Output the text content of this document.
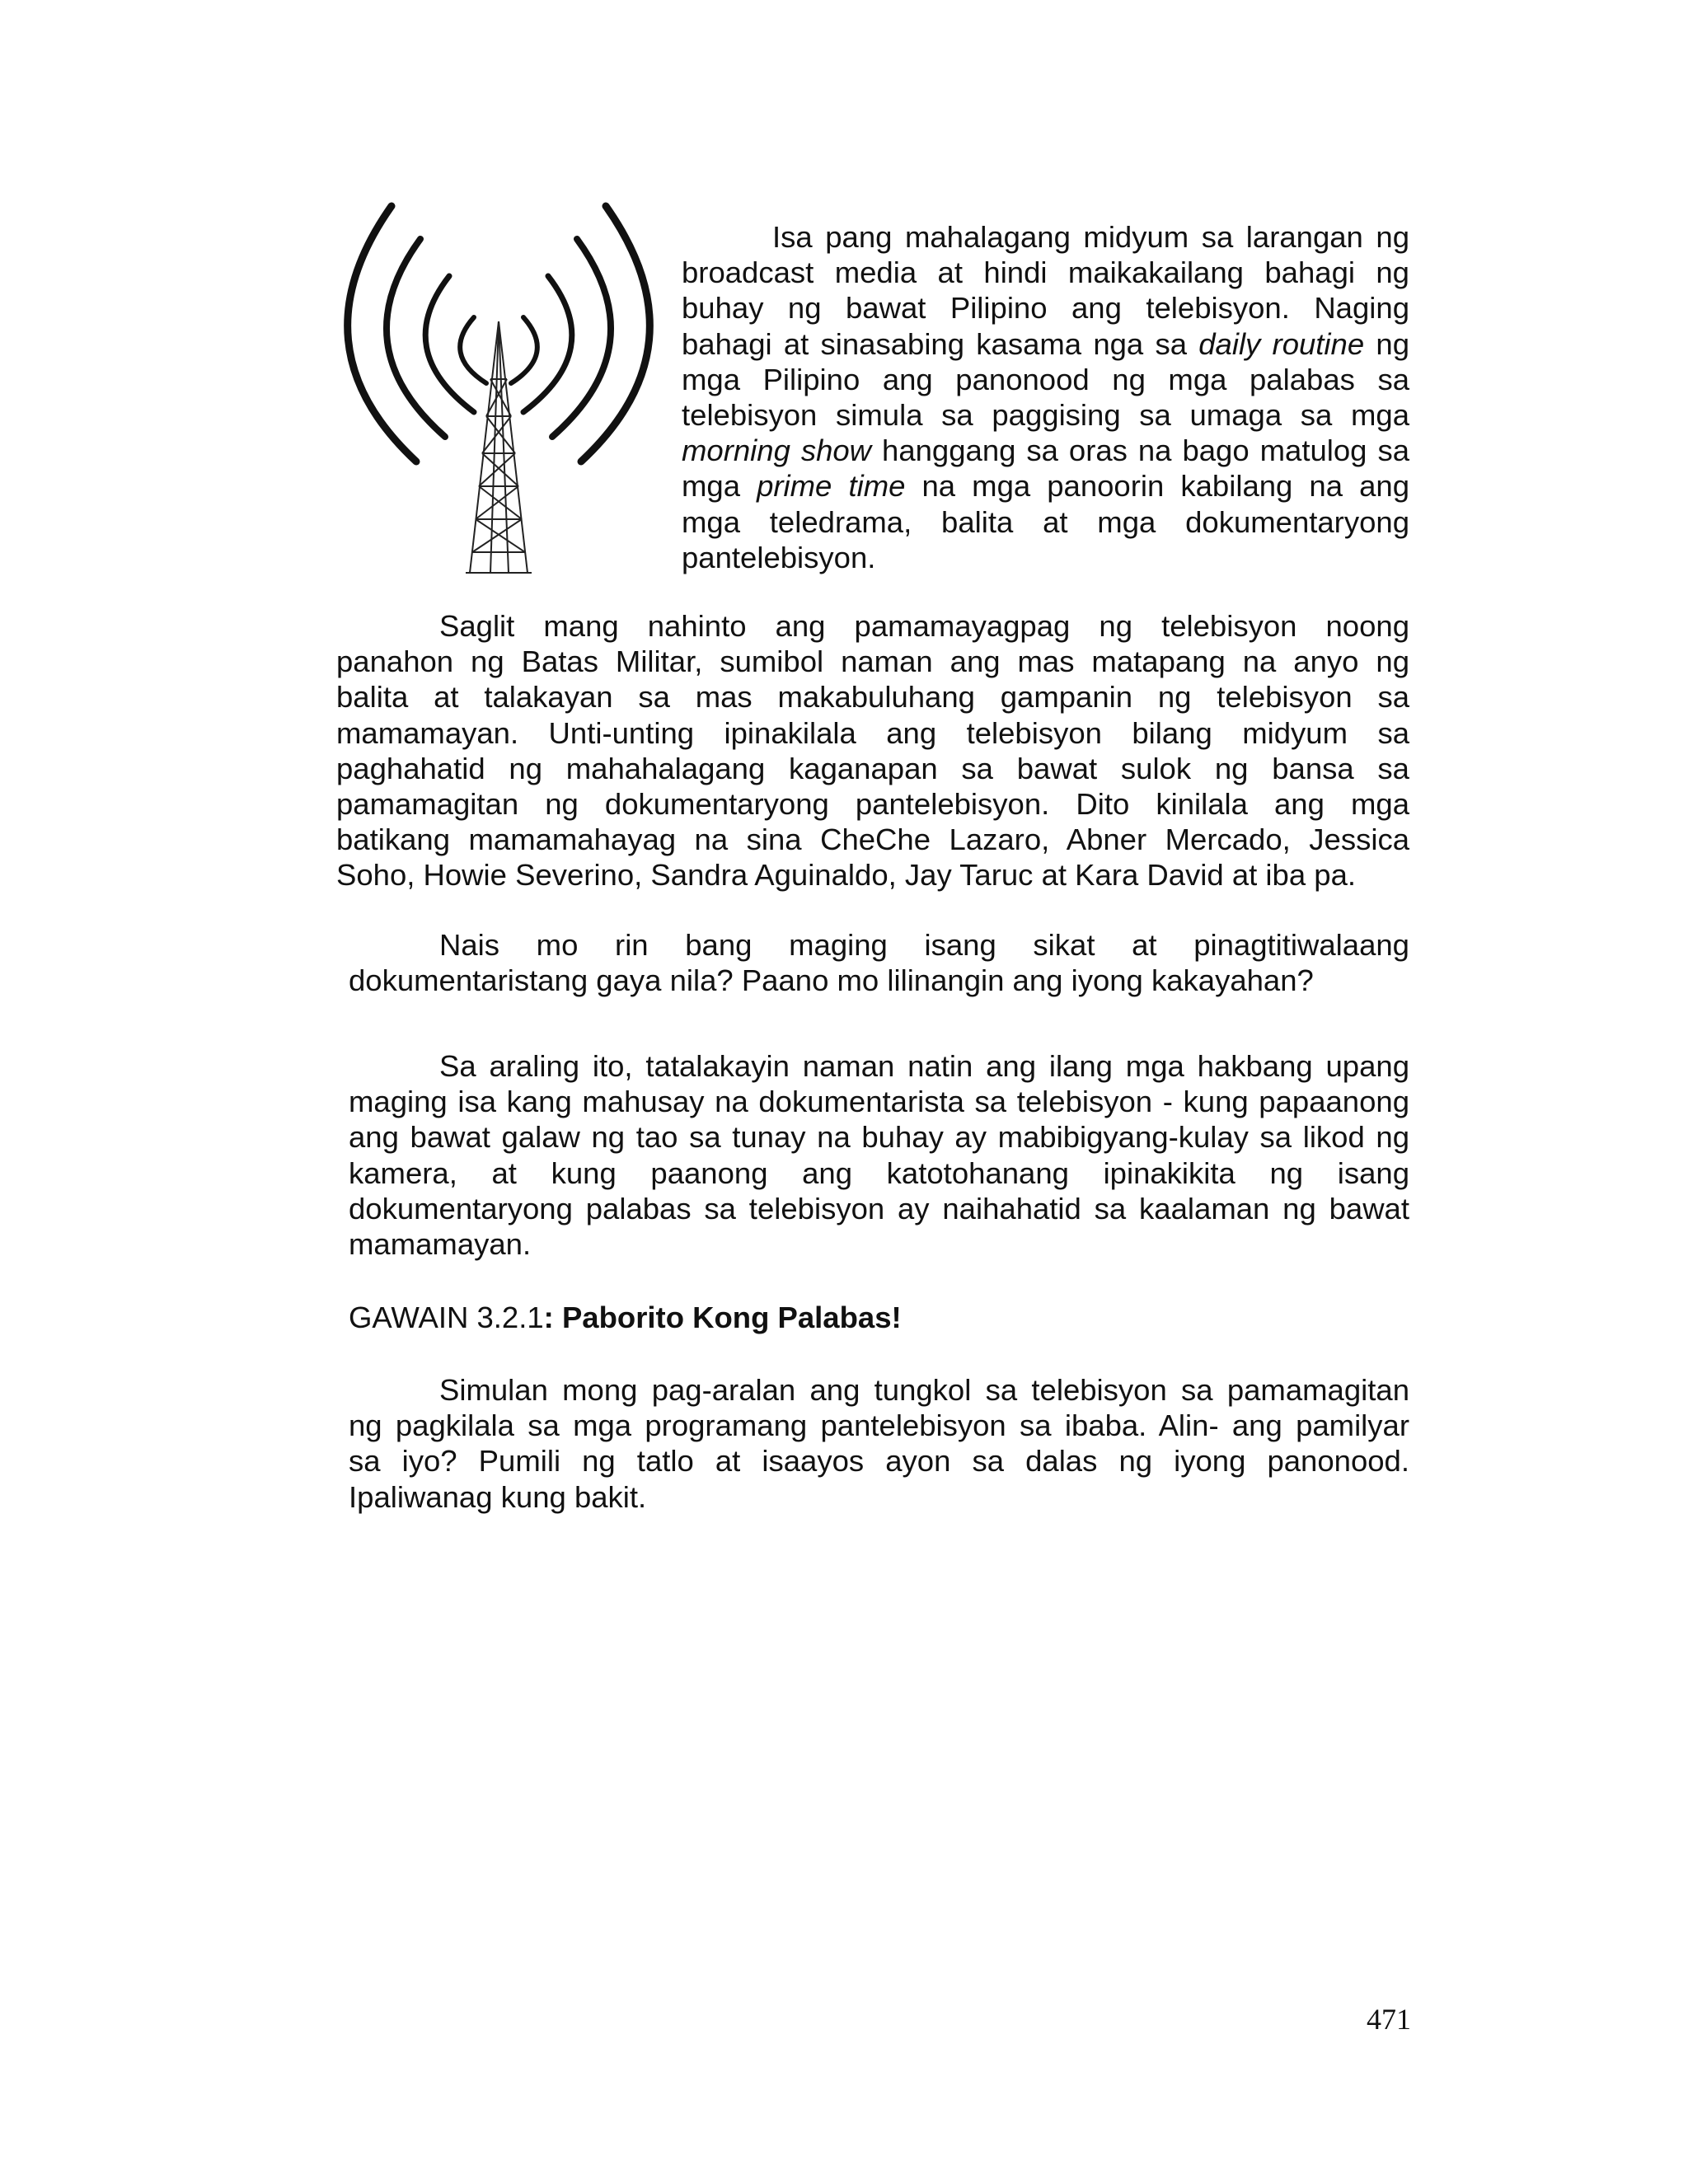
Isa pang mahalagang midyum sa larangan ng
broadcast media at hindi maikakailang bahagi ng
buhay ng bawat Pilipino ang telebisyon. Naging
bahagi at sinasabing kasama nga sa daily routine ng
mga Pilipino ang panonood ng mga palabas sa
telebisyon simula sa paggising sa umaga sa mga
morning show hanggang sa oras na bago matulog sa
mga prime time na mga panoorin kabilang na ang
mga teledrama, balita at mga dokumentaryong
pantelebisyon.

Saglit mang nahinto ang pamamayagpag ng telebisyon noong
panahon ng Batas Militar, sumibol naman ang mas matapang na anyo ng
balita at talakayan sa mas makabuluhang gampanin ng telebisyon sa
mamamayan. Unti-unting ipinakilala ang telebisyon bilang midyum sa
paghahatid ng mahahalagang kaganapan sa bawat sulok ng bansa sa
pamamagitan ng dokumentaryong pantelebisyon. Dito kinilala ang mga
batikang mamamahayag na sina CheChe Lazaro, Abner Mercado, Jessica
Soho, Howie Severino, Sandra Aguinaldo, Jay Taruc at Kara David at iba pa.

Nais mo rin bang maging isang sikat at pinagtitiwalaang
dokumentaristang gaya nila? Paano mo lilinangin ang iyong kakayahan?

Sa araling ito, tatalakayin naman natin ang ilang mga hakbang upang
maging isa kang mahusay na dokumentarista sa telebisyon - kung papaanong
ang bawat galaw ng tao sa tunay na buhay ay mabibigyang-kulay sa likod ng
kamera, at kung paanong ang katotohanang ipinakikita ng isang
dokumentaryong palabas sa telebisyon ay naihahatid sa kaalaman ng bawat
mamamayan.

GAWAIN 3.2.1: Paborito Kong Palabas!

Simulan mong pag-aralan ang tungkol sa telebisyon sa pamamagitan
ng pagkilala sa mga programang pantelebisyon sa ibaba. Alin- ang pamilyar
sa iyo? Pumili ng tatlo at isaayos ayon sa dalas ng iyong panonood.
Ipaliwanag kung bakit.

471
